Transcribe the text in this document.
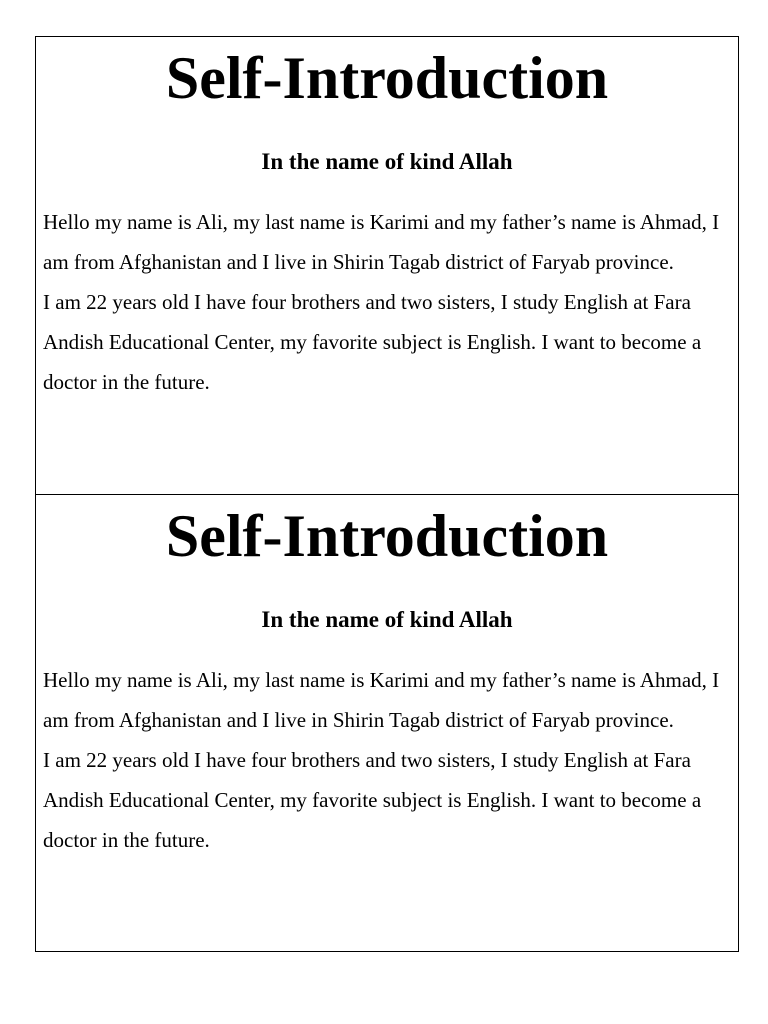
Self-Introduction
In the name of kind Allah

Hello my name is Ali, my last name is Karimi and my father’s name is Ahmad, I am from Afghanistan and I live in Shirin Tagab district of Faryab province.

I am 22 years old I have four brothers and two sisters, I study English at Fara Andish Educational Center, my favorite subject is English. I want to become a doctor in the future.

Self-Introduction
In the name of kind Allah

Hello my name is Ali, my last name is Karimi and my father’s name is Ahmad, I am from Afghanistan and I live in Shirin Tagab district of Faryab province.

I am 22 years old I have four brothers and two sisters, I study English at Fara Andish Educational Center, my favorite subject is English. I want to become a doctor in the future.
